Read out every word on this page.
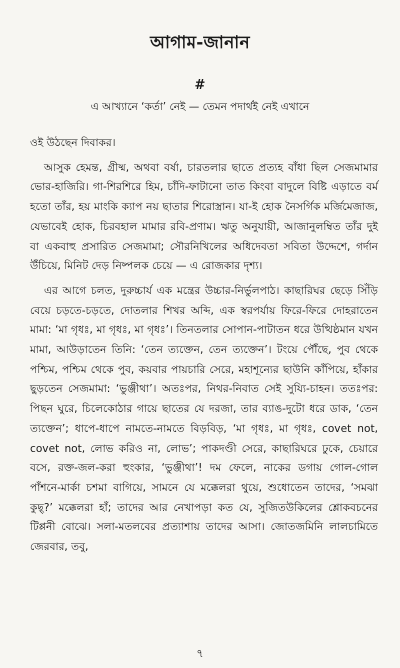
আগাম-জানান
#
এ আখ্যানে ‘কর্তা’ নেই — তেমন পদার্থই নেই এখানে

ওই উঠছেন দিবাকর।

আসুক হেমন্ত, গ্রীষ্ম, অথবা বর্ষা, চারতলার ছাতে প্রত্যহ বাঁধা ছিল সেজমামার ভোর-হাজিরি। গা-শিরশিরে হিম, চাঁদি-ফাটানো তাত কিংবা বাদুলে বিষ্টি এড়াতে বর্ম হতো তাঁর, হয় মাংকি ক্যাপ নয় ছাতার শিরোস্ত্রান। যা-ই হোক নৈসর্গিক মর্জিমেজাজ, যেভাবেই হোক, চিরবহাল মামার রবি-প্রণাম। ঋতু অনুযায়ী, আজানুলম্বিত তাঁর দুই বা একবাহু প্রসারিত সেজমামা; সৌরনিখিলের অধিদেবতা সবিতা উদ্দেশে, গর্দান উঁচিয়ে, মিনিট দেড় নিষ্পলক চেয়ে — এ রোজকার দৃশ্য।

এর আগে চলত, দুরুচ্চার্য এক মন্ত্রের উচ্চার-নির্ভুলপাঠ। কাছারিঘর ছেড়ে সিঁড়ি বেয়ে চড়তে-চড়তে, দোতলার শিখর অব্দি, এক স্বরপর্যায় ফিরে-ফিরে দোহরাতেন মামা: ‘মা গৃধঃ, মা গৃধঃ, মা গৃধঃ’। তিনতলার সোপান-পাটাতন ধরে উত্থিষ্ঠমান যখন মামা, আউড়াতেন তিনি: ‘তেন ত্যক্তেন, তেন ত্যক্তেন’। টংয়ে পৌঁছে, পুব থেকে পশ্চিম, পশ্চিম থেকে পুব, কয়বার পায়চারি সেরে, মহাশূন্যের ছাউনি কাঁপিয়ে, হাঁকার ছুড়তেন সেজমামা: ‘ভুঞ্জীথা’। অতঃপর, নিথর-নিবাত সেই সুয্যি-চাহন। ততঃপর: পিছন ঘুরে, চিলেকোঠার গায়ে ছাতের যে দরজা, তার ব্যাঙ-দুটো ধরে ডাক, ‘তেন ত্যক্তেন’; ধাপে-ধাপে নামতে-নামতে বিড়বিড়, ‘মা গৃধঃ, মা গৃধঃ, covet not, covet not, লোভ করিও না, লোভ’; পাকদণ্ডী সেরে, কাছারিঘরে ঢুকে, চেয়ারে বসে, রক্ত-জল-করা হুংকার, ‘ভুঞ্জীথা’! দম ফেলে, নাকের ডগায় গোল-গোল পাঁশনে-মার্কা চশমা বাগিয়ে, সামনে যে মক্কেলরা থুয়ে, শুধোতেন তাদের, ‘সমঝা কুছ্?’ মক্কেলরা হাঁ; তাদের আর নেখাপড়া কত যে, সুজিতউকিলের শ্লোকবচনের টিপ্পনী বোঝে। সলা-মতলবের প্রত্যাশায় তাদের আসা। জোতজমিনি লালচামিতে জেরবার, তবু,

৭
